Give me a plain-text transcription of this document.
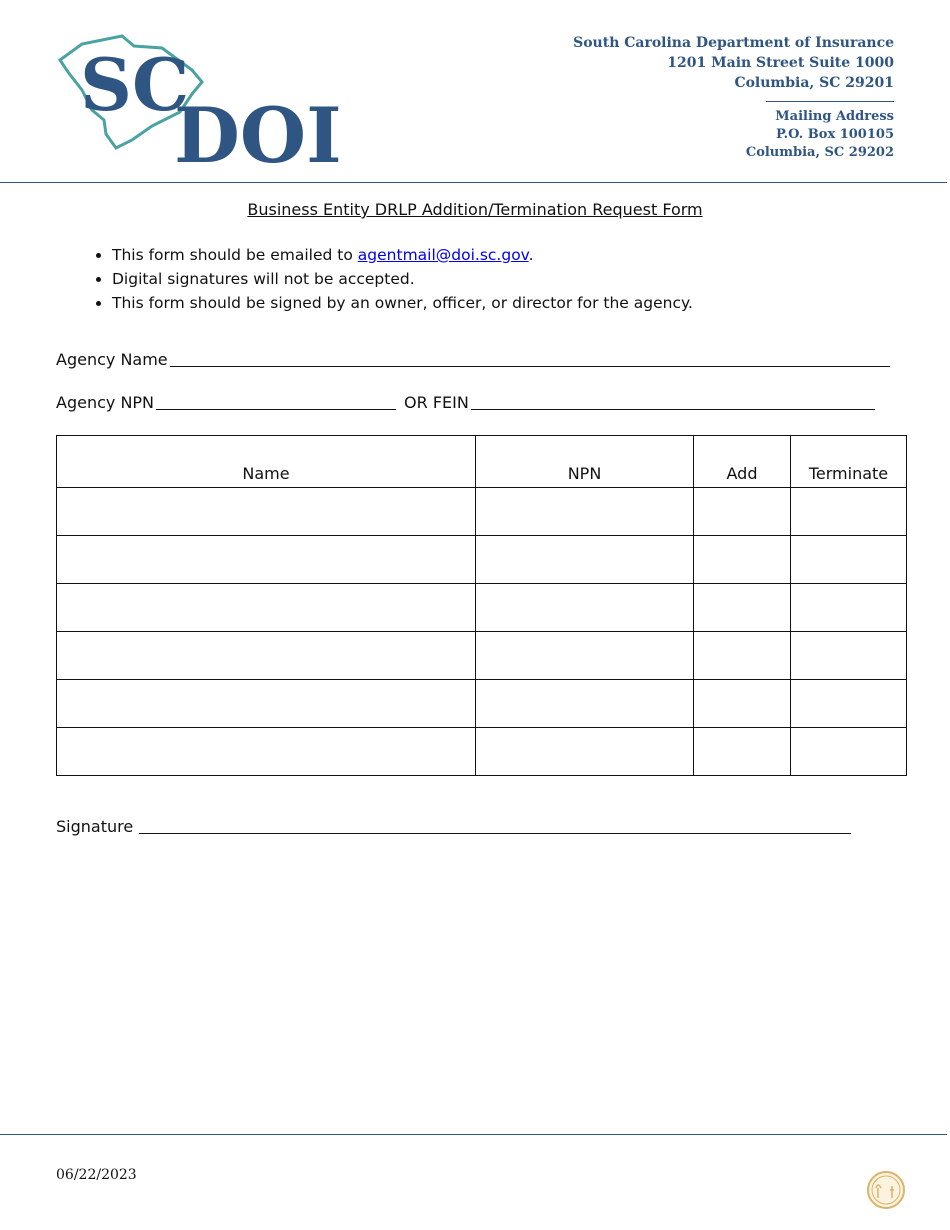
SC
DOI
South Carolina Department of Insurance
1201 Main Street Suite 1000
Columbia, SC 29201
Mailing Address
P.O. Box 100105
Columbia, SC 29202
Business Entity DRLP Addition/Termination Request Form
• This form should be emailed to agentmail@doi.sc.gov.
• Digital signatures will not be accepted.
• This form should be signed by an owner, officer, or director for the agency.
Agency Name
Agency NPN	OR FEIN
Name	NPN	Add	Terminate

Signature
06/22/2023
